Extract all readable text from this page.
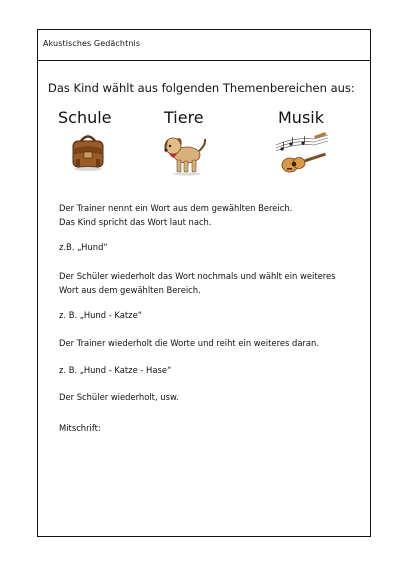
Akustisches Gedächtnis
Das Kind wählt aus folgenden Themenbereichen aus:
Schule	Tiere	Musik
Der Trainer nennt ein Wort aus dem gewählten Bereich.
Das Kind spricht das Wort laut nach.
z.B. „Hund“
Der Schüler wiederholt das Wort nochmals und wählt ein weiteres
Wort aus dem gewählten Bereich.
z. B. „Hund - Katze“
Der Trainer wiederholt die Worte und reiht ein weiteres daran.
z. B. „Hund - Katze - Hase“
Der Schüler wiederholt, usw.
Mitschrift:
